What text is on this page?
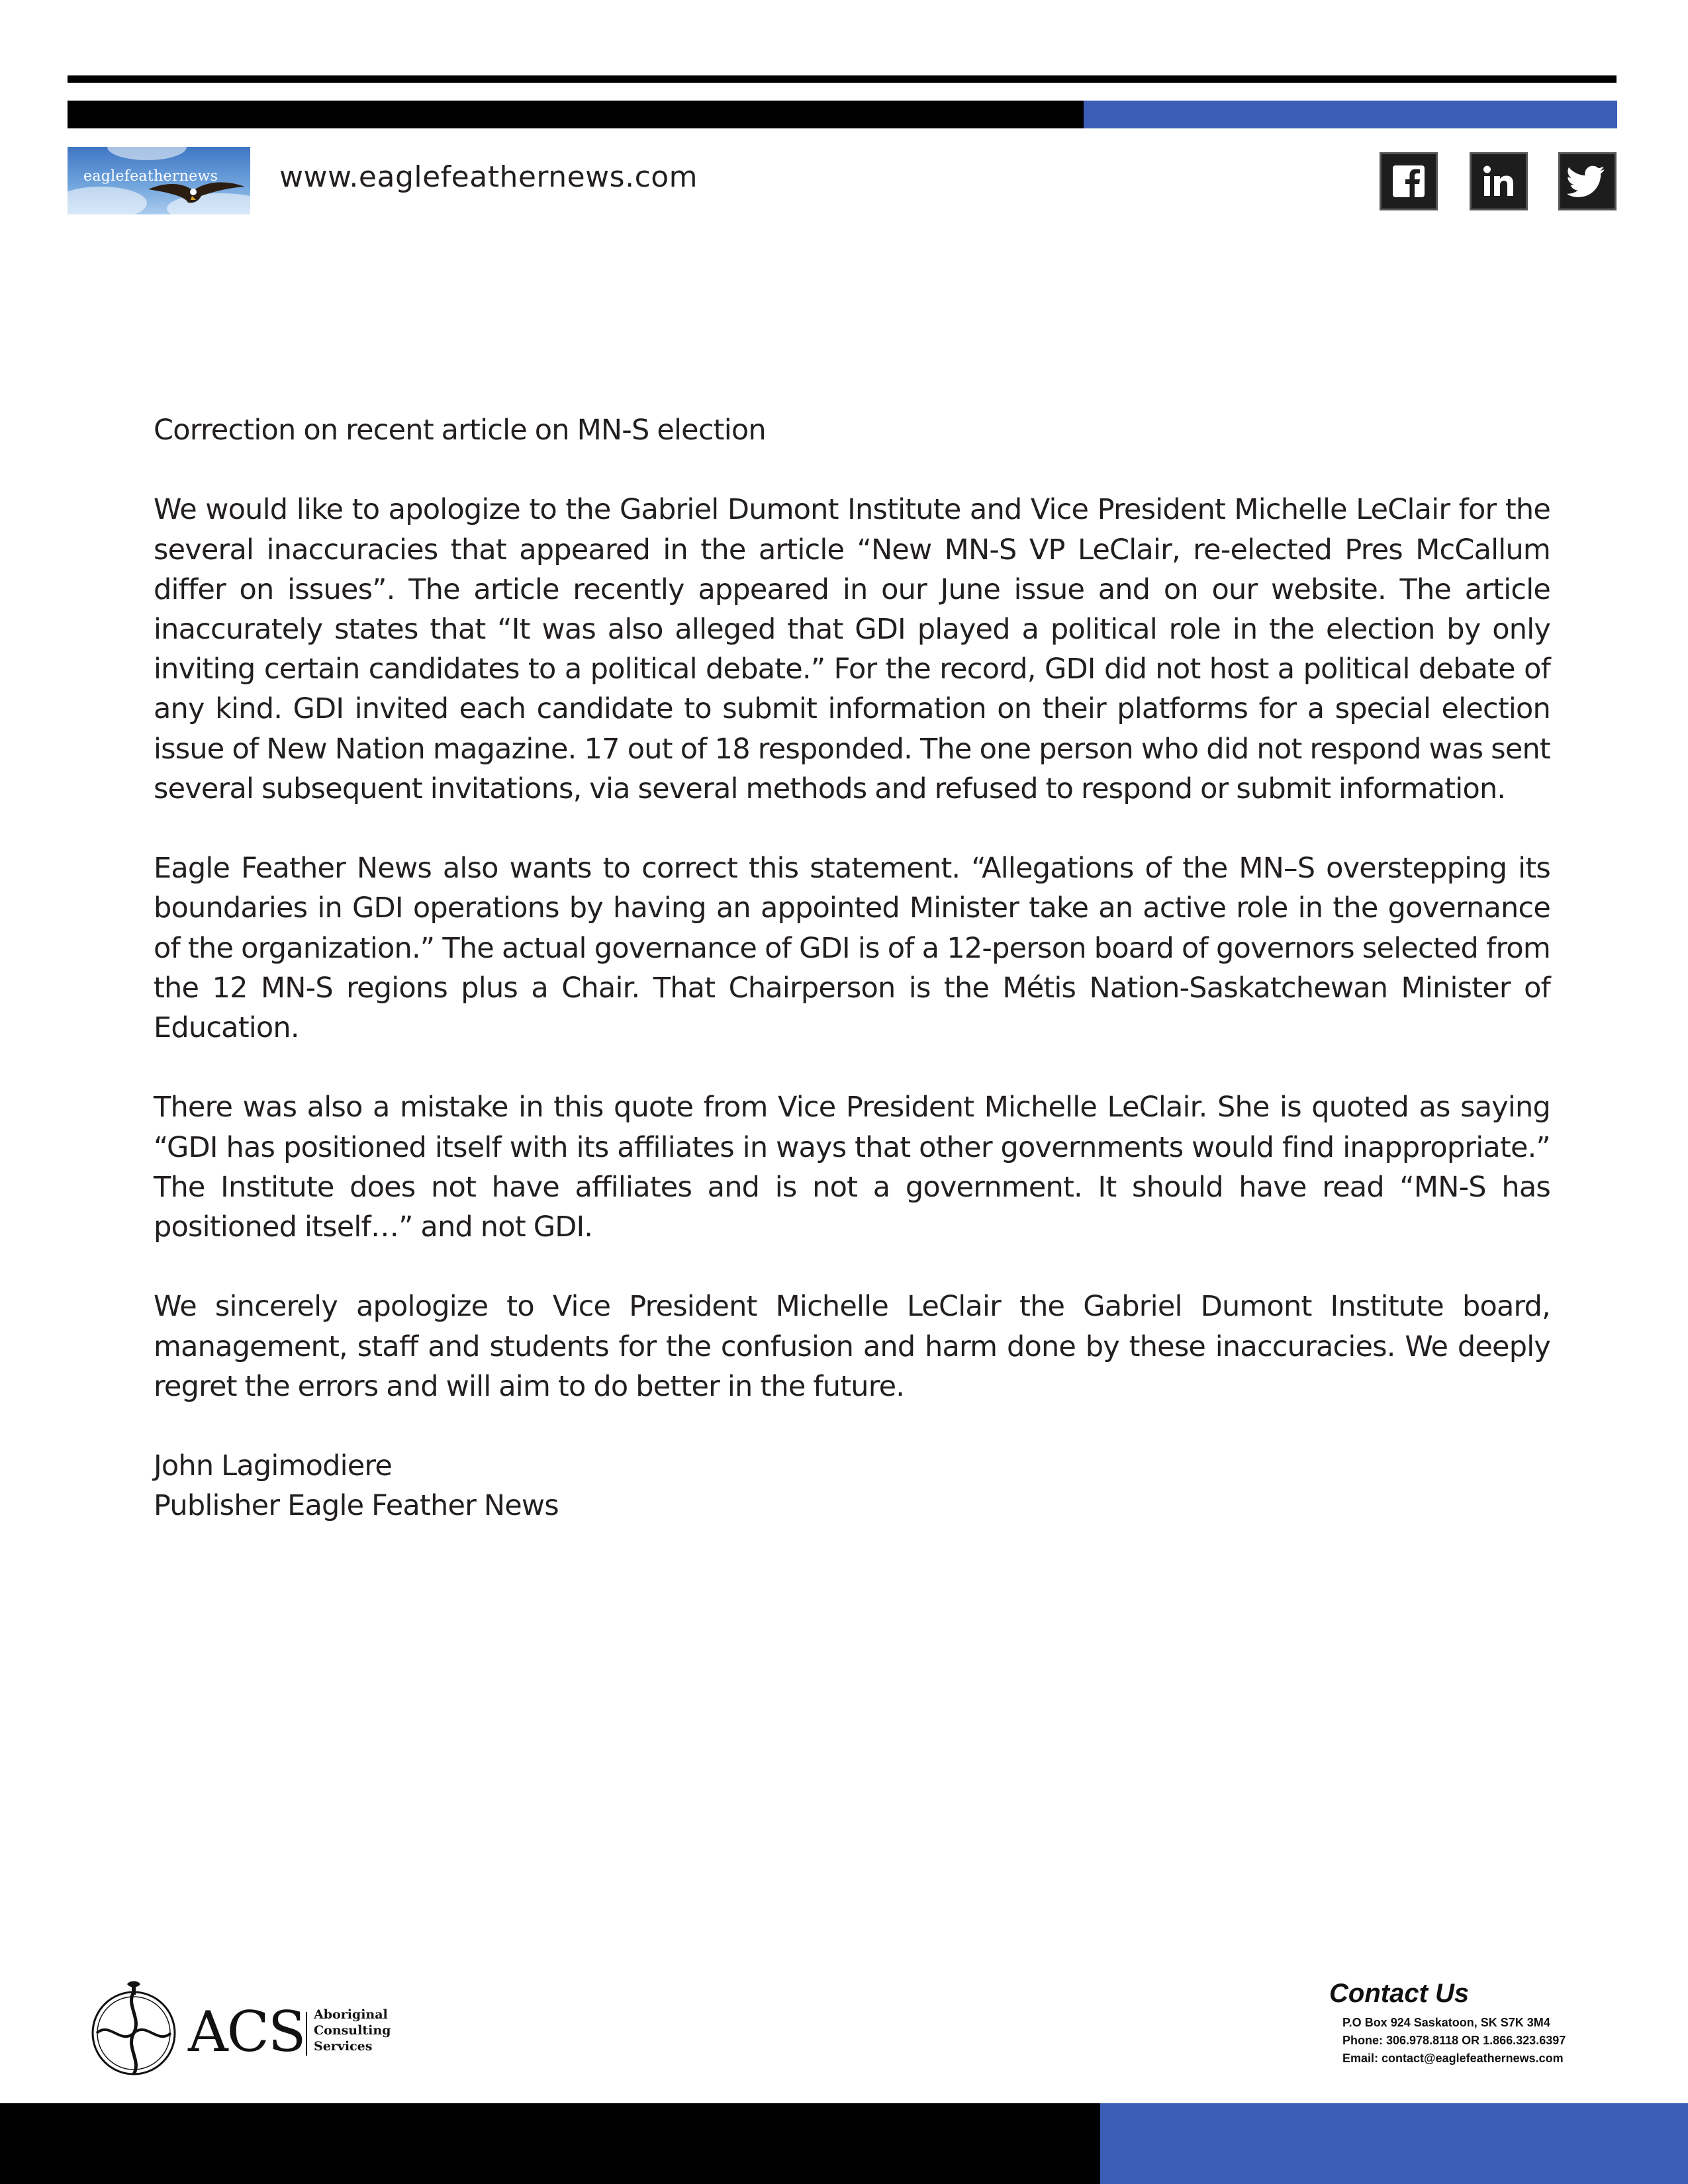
eaglefeathernews www.eaglefeathernews.com

Correction on recent article on MN-S election

We would like to apologize to the Gabriel Dumont Institute and Vice President Michelle LeClair for the several inaccuracies that appeared in the article “New MN-S VP LeClair, re-elected Pres McCallum differ on issues”. The article recently appeared in our June issue and on our website. The article inaccurately states that “It was also alleged that GDI played a political role in the election by only inviting certain candidates to a political debate.” For the record, GDI did not host a political debate of any kind. GDI invited each candidate to submit information on their platforms for a special election issue of New Nation magazine. 17 out of 18 responded. The one person who did not respond was sent several subsequent invitations, via several methods and refused to respond or submit information.

Eagle Feather News also wants to correct this statement. “Allegations of the MN–S overstepping its boundaries in GDI operations by having an appointed Minister take an active role in the governance of the organization.” The actual governance of GDI is of a 12-person board of governors selected from the 12 MN-S regions plus a Chair. That Chairperson is the Métis Nation-Saskatchewan Minister of Education.

There was also a mistake in this quote from Vice President Michelle LeClair. She is quoted as saying “GDI has positioned itself with its affiliates in ways that other governments would find inappropriate.” The Institute does not have affiliates and is not a government. It should have read “MN-S has positioned itself…” and not GDI.

We sincerely apologize to Vice President Michelle LeClair the Gabriel Dumont Institute board, management, staff and students for the confusion and harm done by these inaccuracies. We deeply regret the errors and will aim to do better in the future.

John Lagimodiere

Publisher Eagle Feather News

ACS Aboriginal
Consulting
Services
Contact Us
P.O Box 924 Saskatoon, SK S7K 3M4
Phone: 306.978.8118 OR 1.866.323.6397
Email: contact@eaglefeathernews.com
